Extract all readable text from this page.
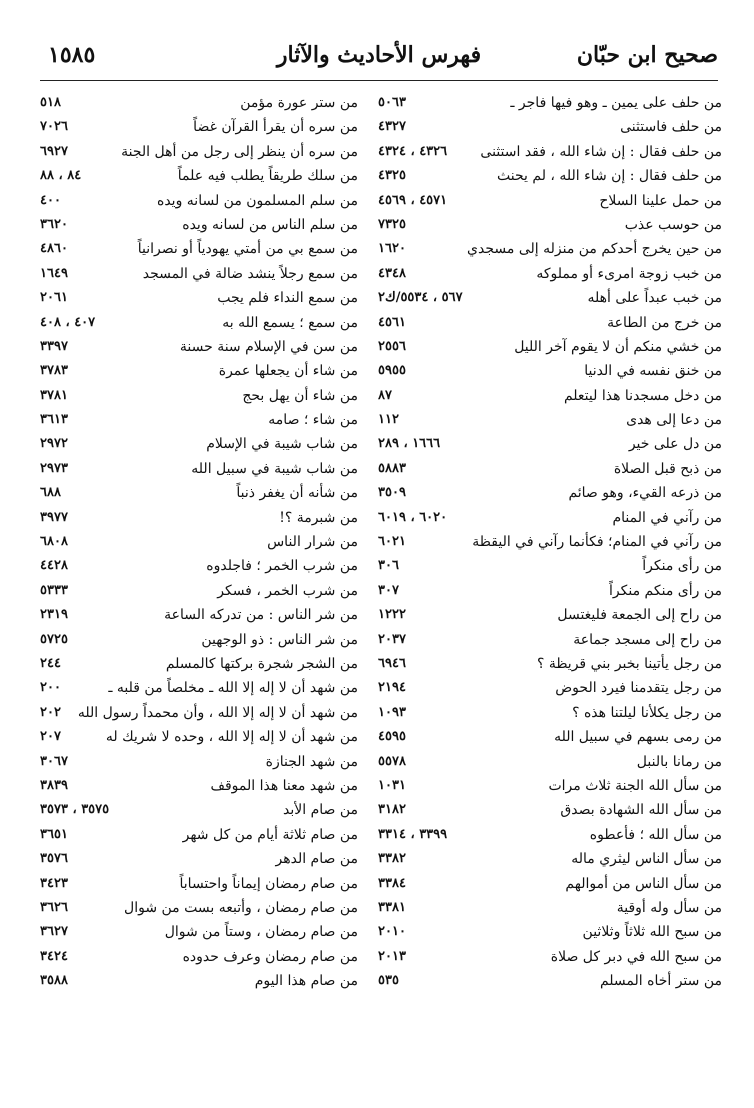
١٥٨٥	فهرس الأحاديث والآثار	صحيح ابن حبّان
من حلف على يمين ـ وهو فيها فاجر ـ
٥٠٦٣
من حلف فاستثنى
٤٣٢٧
من حلف فقال : إن شاء الله ، فقد استثنى
٤٣٢٦ ، ٤٣٢٤
من حلف فقال : إن شاء الله ، لم يحنث
٤٣٢٥
من حمل علينا السلاح
٤٥٧١ ، ٤٥٦٩
من حوسب عذب
٧٣٢٥
من حين يخرج أحدكم من منزله إلى مسجدي
١٦٢٠
من خبب زوجة امرىء أو مملوكه
٤٣٤٨
من خبب عبداً على أهله
٥٦٧ ، ٥٥٣٤/ك٢
من خرج من الطاعة
٤٥٦١
من خشي منكم أن لا يقوم آخر الليل
٢٥٥٦
من خنق نفسه في الدنيا
٥٩٥٥
من دخل مسجدنا هذا ليتعلم
٨٧
من دعا إلى هدى
١١٢
من دل على خير
١٦٦٦ ، ٢٨٩
من ذبح قبل الصلاة
٥٨٨٣
من ذرعه القيء، وهو صائم
٣٥٠٩
من رآني في المنام
٦٠٢٠ ، ٦٠١٩
من رآني في المنام؛ فكأنما رآني في اليقظة
٦٠٢١
من رأى منكراً
٣٠٦
من رأى منكم منكراً
٣٠٧
من راح إلى الجمعة فليغتسل
١٢٢٢
من راح إلى مسجد جماعة
٢٠٣٧
من رجل يأتينا بخبر بني قريظة ؟
٦٩٤٦
من رجل يتقدمنا فيرد الحوض
٢١٩٤
من رجل يكلأنا ليلتنا هذه ؟
١٠٩٣
من رمى بسهم في سبيل الله
٤٥٩٥
من رمانا بالنبل
٥٥٧٨
من سأل الله الجنة ثلاث مرات
١٠٣١
من سأل الله الشهادة بصدق
٣١٨٢
من سأل الله ؛ فأعطوه
٣٣٩٩ ، ٣٣١٤
من سأل الناس ليثري ماله
٣٣٨٢
من سأل الناس من أموالهم
٣٣٨٤
من سأل وله أوقية
٣٣٨١
من سبح الله ثلاثاً وثلاثين
٢٠١٠
من سبح الله في دبر كل صلاة
٢٠١٣
من ستر أخاه المسلم
٥٣٥
من ستر عورة مؤمن
٥١٨
من سره أن يقرأ القرآن غضاً
٧٠٢٦
من سره أن ينظر إلى رجل من أهل الجنة
٦٩٢٧
من سلك طريقاً يطلب فيه علماً
٨٤ ، ٨٨
من سلم المسلمون من لسانه ويده
٤٠٠
من سلم الناس من لسانه ويده
٣٦٢٠
من سمع بي من أمتي يهودياً أو نصرانياً
٤٨٦٠
من سمع رجلاً ينشد ضالة في المسجد
١٦٤٩
من سمع النداء فلم يجب
٢٠٦١
من سمع ؛ يسمع الله به
٤٠٧ ، ٤٠٨
من سن في الإسلام سنة حسنة
٣٣٩٧
من شاء أن يجعلها عمرة
٣٧٨٣
من شاء أن يهل بحج
٣٧٨١
من شاء ؛ صامه
٣٦١٣
من شاب شيبة في الإسلام
٢٩٧٢
من شاب شيبة في سبيل الله
٢٩٧٣
من شأنه أن يغفر ذنباً
٦٨٨
من شبرمة ؟!
٣٩٧٧
من شرار الناس
٦٨٠٨
من شرب الخمر ؛ فاجلدوه
٤٤٢٨
من شرب الخمر ، فسكر
٥٣٣٣
من شر الناس : من تدركه الساعة
٢٣١٩
من شر الناس : ذو الوجهين
٥٧٢٥
من الشجر شجرة بركتها كالمسلم
٢٤٤
من شهد أن لا إله إلا الله ـ مخلصاً من قلبه ـ
٢٠٠
من شهد أن لا إله إلا الله ، وأن محمداً رسول الله
٢٠٢
من شهد أن لا إله إلا الله ، وحده لا شريك له
٢٠٧
من شهد الجنازة
٣٠٦٧
من شهد معنا هذا الموقف
٣٨٣٩
من صام الأبد
٣٥٧٥ ، ٣٥٧٣
من صام ثلاثة أيام من كل شهر
٣٦٥١
من صام الدهر
٣٥٧٦
من صام رمضان إيماناً واحتساباً
٣٤٢٣
من صام رمضان ، وأتبعه بست من شوال
٣٦٢٦
من صام رمضان ، وستاً من شوال
٣٦٢٧
من صام رمضان وعرف حدوده
٣٤٢٤
من صام هذا اليوم
٣٥٨٨
